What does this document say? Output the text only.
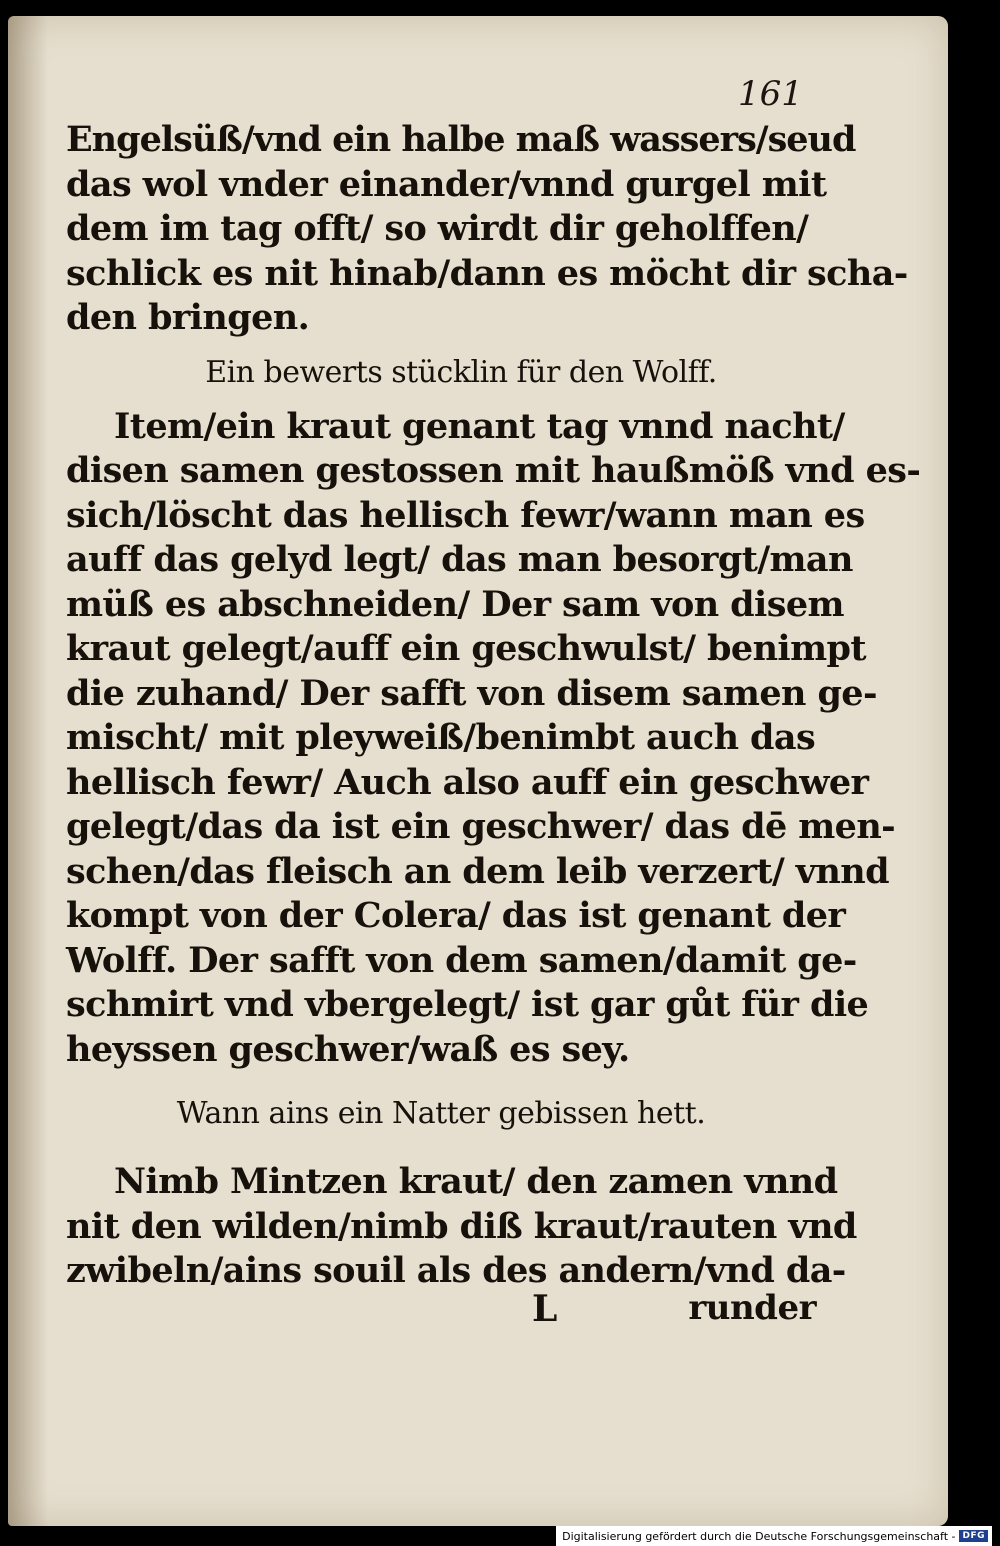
161
Engelsüß/vnd ein halbe maß wassers/seud
das wol vnder einander/vnnd gurgel mit
dem im tag offt/ so wirdt dir geholffen/
schlick es nit hinab/dann es möcht dir scha-
den bringen.
Ein bewerts stücklin für den Wolff.
Item/ein kraut genant tag vnnd nacht/
disen samen gestossen mit haußmöß vnd es-
sich/löscht das hellisch fewr/wann man es
auff das gelyd legt/ das man besorgt/man
müß es abschneiden/ Der sam von disem
kraut gelegt/auff ein geschwulst/ benimpt
die zuhand/ Der safft von disem samen ge-
mischt/ mit pleyweiß/benimbt auch das
hellisch fewr/ Auch also auff ein geschwer
gelegt/das da ist ein geschwer/ das dē men-
schen/das fleisch an dem leib verzert/ vnnd
kompt von der Colera/ das ist genant der
Wolff. Der safft von dem samen/damit ge-
schmirt vnd vbergelegt/ ist gar gůt für die
heyssen geschwer/waß es sey.
Wann ains ein Natter gebissen hett.
Nimb Mintzen kraut/ den zamen vnnd
nit den wilden/nimb diß kraut/rauten vnd
zwibeln/ains souil als des andern/vnd da-
L	runder
Digitalisierung gefördert durch die Deutsche Forschungsgemeinschaft - DFG
